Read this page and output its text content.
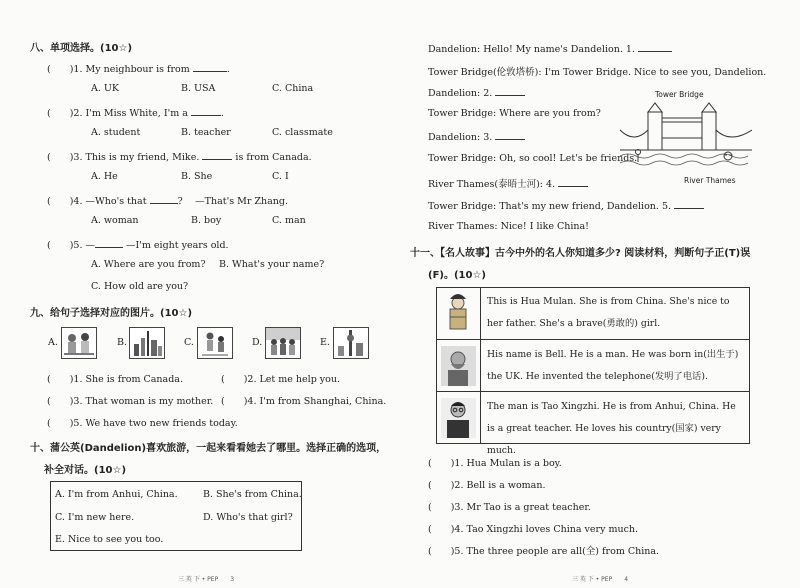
八、单项选择。(10☆)
(　　)1. My neighbour is from	.
A. UK	B. USA	C. China
(　　)2. I'm Miss White, I'm a	.
A. student	B. teacher	C. classmate
(　　)3. This is my friend, Mike.	is from Canada.
A. He	B. She	C. I
(　　)4. —Who's that	?　 —That's Mr Zhang.
A. woman	B. boy	C. man
(　　)5. —	—I'm eight years old.
A. Where are you from? B. What's your name?
C. How old are you?
九、给句子选择对应的图片。(10☆)
A.	B.	C.	D.	E.
(　　)1. She is from Canada.	(　　)2. Let me help you.
(　　)3. That woman is my mother. (　　)4. I'm from Shanghai, China.
(　　)5. We have two new friends today.
十、蒲公英(Dandelion)喜欢旅游，一起来看看她去了哪里。选择正确的选项，
补全对话。(10☆)
A. I'm from Anhui, China.	B. She's from China.
C. I'm new here.	D. Who's that girl?
E. Nice to see you too.
三 英 下 • PEP　　3
Dandelion: Hello! My name's Dandelion. 1.
Tower Bridge(伦敦塔桥): I'm Tower Bridge. Nice to see you, Dandelion.
Dandelion: 2.
Tower Bridge: Where are you from?
Dandelion: 3.
Tower Bridge: Oh, so cool! Let's be friends.
River Thames(泰晤士河): 4.
Tower Bridge: That's my new friend, Dandelion. 5.
River Thames: Nice! I like China!
Tower Bridge
River Thames
十一、【名人故事】古今中外的名人你知道多少? 阅读材料，判断句子正(T)误
(F)。(10☆)
This is Hua Mulan. She is from China. She's nice to her father. She's a brave(勇敢的) girl.
His name is Bell. He is a man. He was born in(出生于) the UK. He invented the telephone(发明了电话).
The man is Tao Xingzhi. He is from Anhui, China. He is a great teacher. He loves his country(国家) very much.
(　　)1. Hua Mulan is a boy.
(　　)2. Bell is a woman.
(　　)3. Mr Tao is a great teacher.
(　　)4. Tao Xingzhi loves China very much.
(　　)5. The three people are all(全) from China.
三 英 下 • PEP　　4
